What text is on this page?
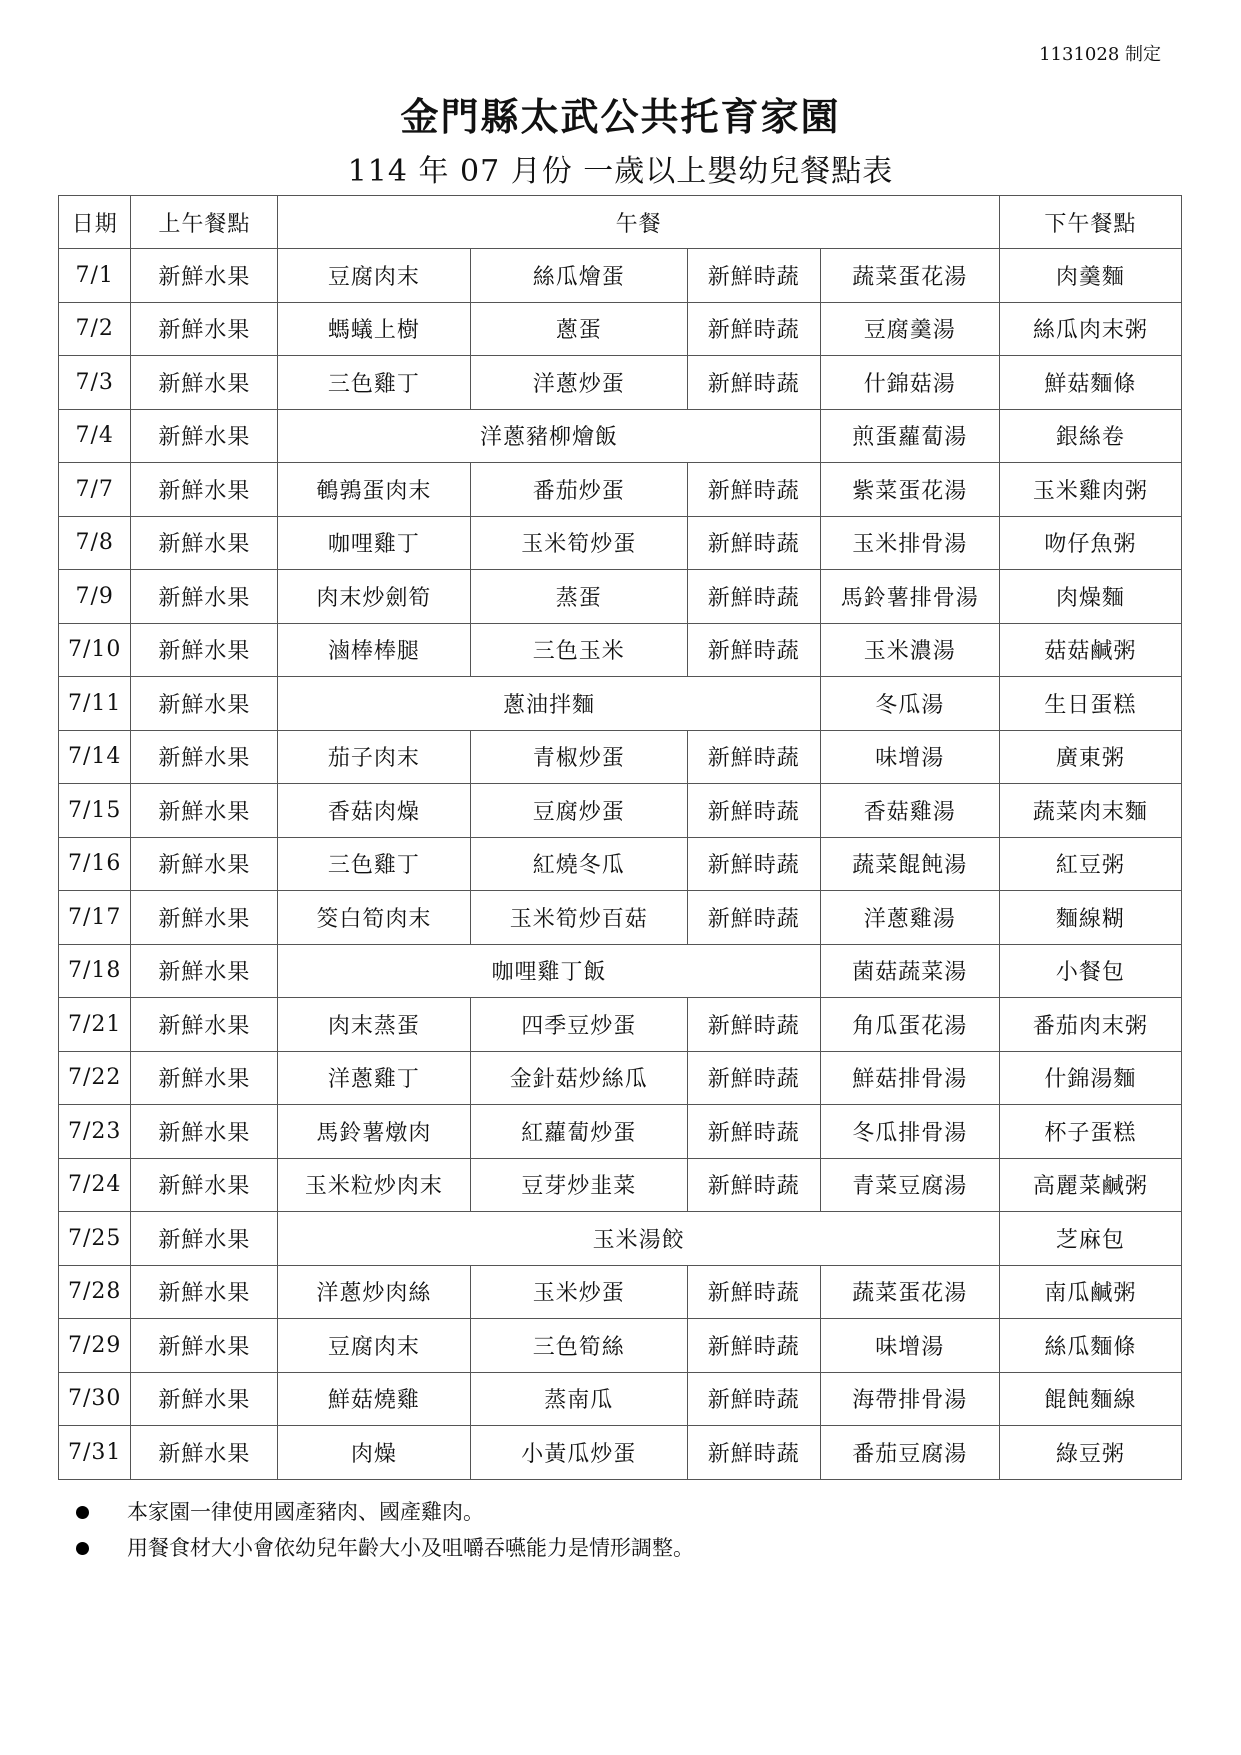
1131028 制定
金門縣太武公共托育家園
114 年 07 月份 一歲以上嬰幼兒餐點表
日期	上午餐點	午餐				下午餐點
7/1	新鮮水果	豆腐肉末	絲瓜燴蛋	新鮮時蔬	蔬菜蛋花湯	肉羹麵
7/2	新鮮水果	螞蟻上樹	蔥蛋	新鮮時蔬	豆腐羹湯	絲瓜肉末粥
7/3	新鮮水果	三色雞丁	洋蔥炒蛋	新鮮時蔬	什錦菇湯	鮮菇麵條
7/4	新鮮水果	洋蔥豬柳燴飯			煎蛋蘿蔔湯	銀絲卷
7/7	新鮮水果	鵪鶉蛋肉末	番茄炒蛋	新鮮時蔬	紫菜蛋花湯	玉米雞肉粥
7/8	新鮮水果	咖哩雞丁	玉米筍炒蛋	新鮮時蔬	玉米排骨湯	吻仔魚粥
7/9	新鮮水果	肉末炒劍筍	蒸蛋	新鮮時蔬	馬鈴薯排骨湯	肉燥麵
7/10	新鮮水果	滷棒棒腿	三色玉米	新鮮時蔬	玉米濃湯	菇菇鹹粥
7/11	新鮮水果	蔥油拌麵			冬瓜湯	生日蛋糕
7/14	新鮮水果	茄子肉末	青椒炒蛋	新鮮時蔬	味增湯	廣東粥
7/15	新鮮水果	香菇肉燥	豆腐炒蛋	新鮮時蔬	香菇雞湯	蔬菜肉末麵
7/16	新鮮水果	三色雞丁	紅燒冬瓜	新鮮時蔬	蔬菜餛飩湯	紅豆粥
7/17	新鮮水果	筊白筍肉末	玉米筍炒百菇	新鮮時蔬	洋蔥雞湯	麵線糊
7/18	新鮮水果	咖哩雞丁飯			菌菇蔬菜湯	小餐包
7/21	新鮮水果	肉末蒸蛋	四季豆炒蛋	新鮮時蔬	角瓜蛋花湯	番茄肉末粥
7/22	新鮮水果	洋蔥雞丁	金針菇炒絲瓜	新鮮時蔬	鮮菇排骨湯	什錦湯麵
7/23	新鮮水果	馬鈴薯燉肉	紅蘿蔔炒蛋	新鮮時蔬	冬瓜排骨湯	杯子蛋糕
7/24	新鮮水果	玉米粒炒肉末	豆芽炒韭菜	新鮮時蔬	青菜豆腐湯	高麗菜鹹粥
7/25	新鮮水果	玉米湯餃				芝麻包
7/28	新鮮水果	洋蔥炒肉絲	玉米炒蛋	新鮮時蔬	蔬菜蛋花湯	南瓜鹹粥
7/29	新鮮水果	豆腐肉末	三色筍絲	新鮮時蔬	味增湯	絲瓜麵條
7/30	新鮮水果	鮮菇燒雞	蒸南瓜	新鮮時蔬	海帶排骨湯	餛飩麵線
7/31	新鮮水果	肉燥	小黃瓜炒蛋	新鮮時蔬	番茄豆腐湯	綠豆粥
本家園一律使用國產豬肉、國產雞肉。
用餐食材大小會依幼兒年齡大小及咀嚼吞嚥能力是情形調整。
